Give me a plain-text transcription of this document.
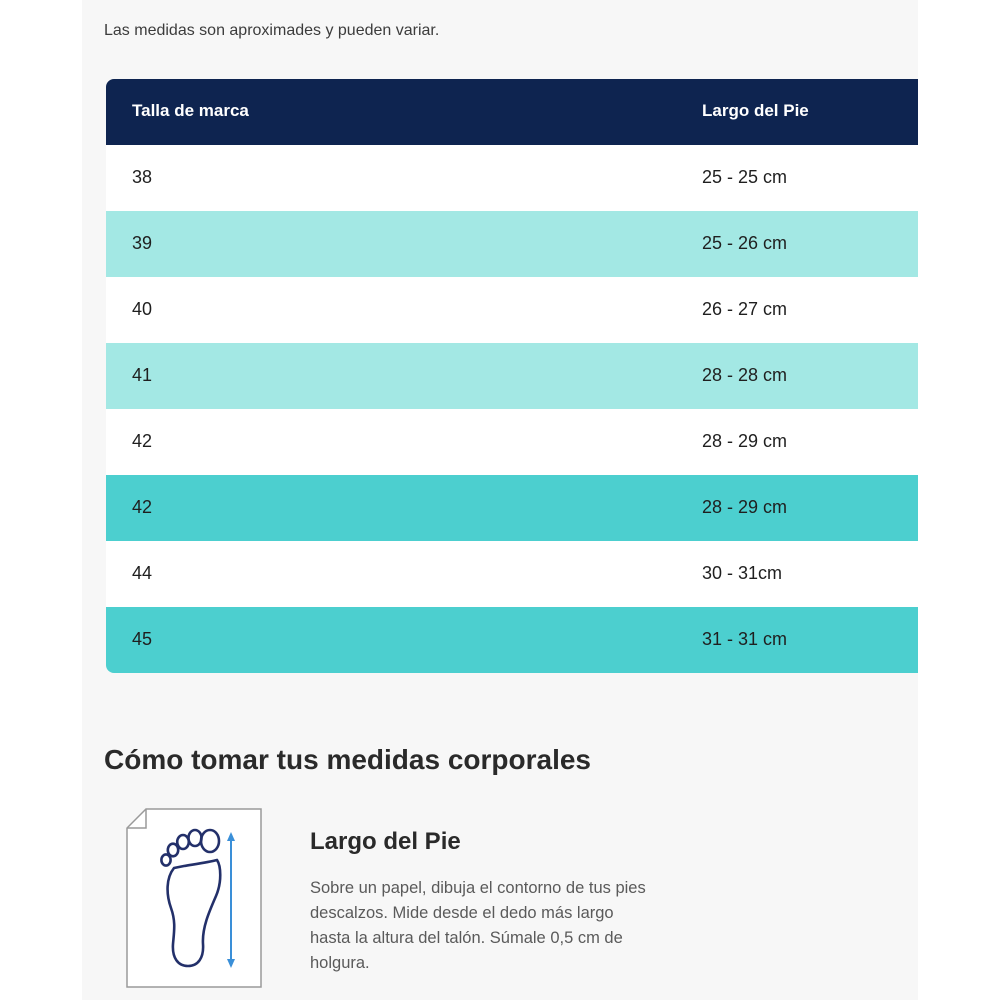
Las medidas son aproximades y pueden variar.
Talla de marca	Largo del Pie
38	25 - 25 cm
39	25 - 26 cm
40	26 - 27 cm
41	28 - 28 cm
42	28 - 29 cm
42	28 - 29 cm
44	30 - 31cm
45	31 - 31 cm
Cómo tomar tus medidas corporales
Largo del Pie

Sobre un papel, dibuja el contorno de tus pies descalzos. Mide desde el dedo más largo hasta la altura del talón. Súmale 0,5 cm de holgura.
